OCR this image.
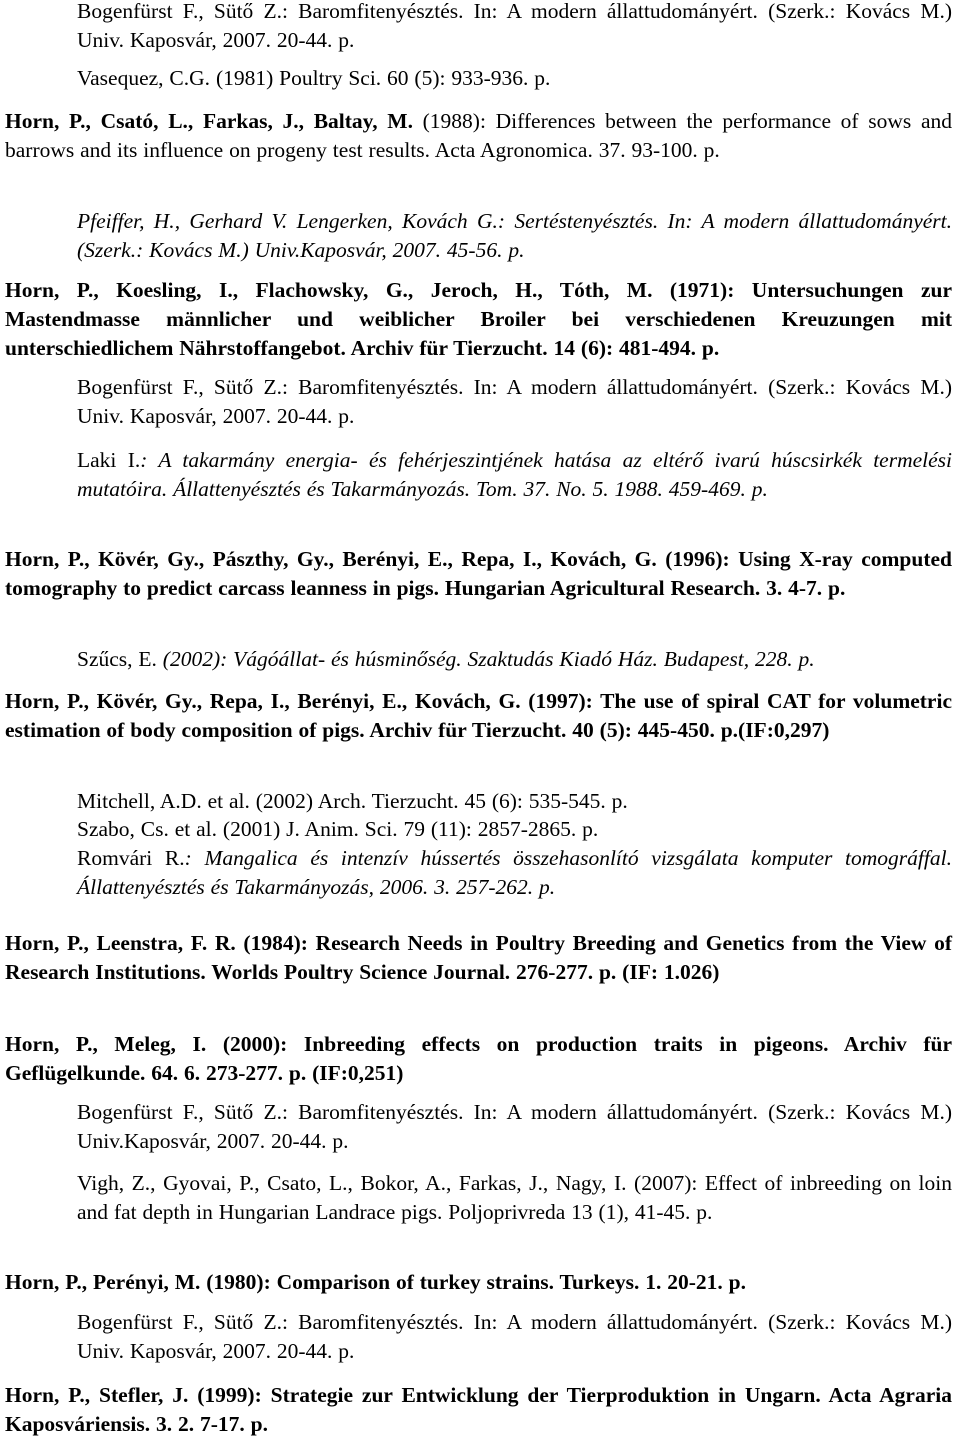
Bogenfürst F., Sütő Z.: Baromfitenyésztés. In: A modern állattudományért. (Szerk.: Kovács M.) Univ. Kaposvár, 2007. 20-44. p.
Vasequez, C.G. (1981) Poultry Sci. 60 (5): 933-936. p.
Horn, P., Csató, L., Farkas, J., Baltay, M. (1988): Differences between the performance of sows and barrows and its influence on progeny test results. Acta Agronomica. 37. 93-100. p.
Pfeiffer, H., Gerhard V. Lengerken, Kovách G.: Sertéstenyésztés. In: A modern állattudományért. (Szerk.: Kovács M.) Univ.Kaposvár, 2007. 45-56. p.
Horn, P., Koesling, I., Flachowsky, G., Jeroch, H., Tóth, M. (1971): Untersuchungen zur Mastendmasse männlicher und weiblicher Broiler bei verschiedenen Kreuzungen mit unterschiedlichem Nährstoffangebot. Archiv für Tierzucht. 14 (6): 481-494. p.
Bogenfürst F., Sütő Z.: Baromfitenyésztés. In: A modern állattudományért. (Szerk.: Kovács M.) Univ. Kaposvár, 2007. 20-44. p.
Laki I.: A takarmány energia- és fehérjeszintjének hatása az eltérő ivarú húscsirkék termelési mutatóira. Állattenyésztés és Takarmányozás. Tom. 37. No. 5. 1988. 459-469. p.
Horn, P., Kövér, Gy., Pászthy, Gy., Berényi, E., Repa, I., Kovách, G. (1996): Using X-ray computed tomography to predict carcass leanness in pigs. Hungarian Agricultural Research. 3. 4-7. p.
Szűcs, E. (2002): Vágóállat- és húsminőség. Szaktudás Kiadó Ház. Budapest, 228. p.
Horn, P., Kövér, Gy., Repa, I., Berényi, E., Kovách, G. (1997): The use of spiral CAT for volumetric estimation of body composition of pigs. Archiv für Tierzucht. 40 (5): 445-450. p.(IF:0,297)
Mitchell, A.D. et al. (2002) Arch. Tierzucht. 45 (6): 535-545. p.
Szabo, Cs. et al. (2001) J. Anim. Sci. 79 (11): 2857-2865. p.
Romvári R.: Mangalica és intenzív hússertés összehasonlító vizsgálata komputer tomográffal. Állattenyésztés és Takarmányozás, 2006. 3. 257-262. p.
Horn, P., Leenstra, F. R. (1984): Research Needs in Poultry Breeding and Genetics from the View of Research Institutions. Worlds Poultry Science Journal. 276-277. p. (IF: 1.026)
Horn, P., Meleg, I. (2000): Inbreeding effects on production traits in pigeons. Archiv für Geflügelkunde. 64. 6. 273-277. p. (IF:0,251)
Bogenfürst F., Sütő Z.: Baromfitenyésztés. In: A modern állattudományért. (Szerk.: Kovács M.) Univ.Kaposvár, 2007. 20-44. p.
Vigh, Z., Gyovai, P., Csato, L., Bokor, A., Farkas, J., Nagy, I. (2007): Effect of inbreeding on loin and fat depth in Hungarian Landrace pigs. Poljoprivreda 13 (1), 41-45. p.
Horn, P., Perényi, M. (1980): Comparison of turkey strains. Turkeys. 1. 20-21. p.
Bogenfürst F., Sütő Z.: Baromfitenyésztés. In: A modern állattudományért. (Szerk.: Kovács M.) Univ. Kaposvár, 2007. 20-44. p.
Horn, P., Stefler, J. (1999): Strategie zur Entwicklung der Tierproduktion in Ungarn. Acta Agraria Kaposváriensis. 3. 2. 7-17. p.
